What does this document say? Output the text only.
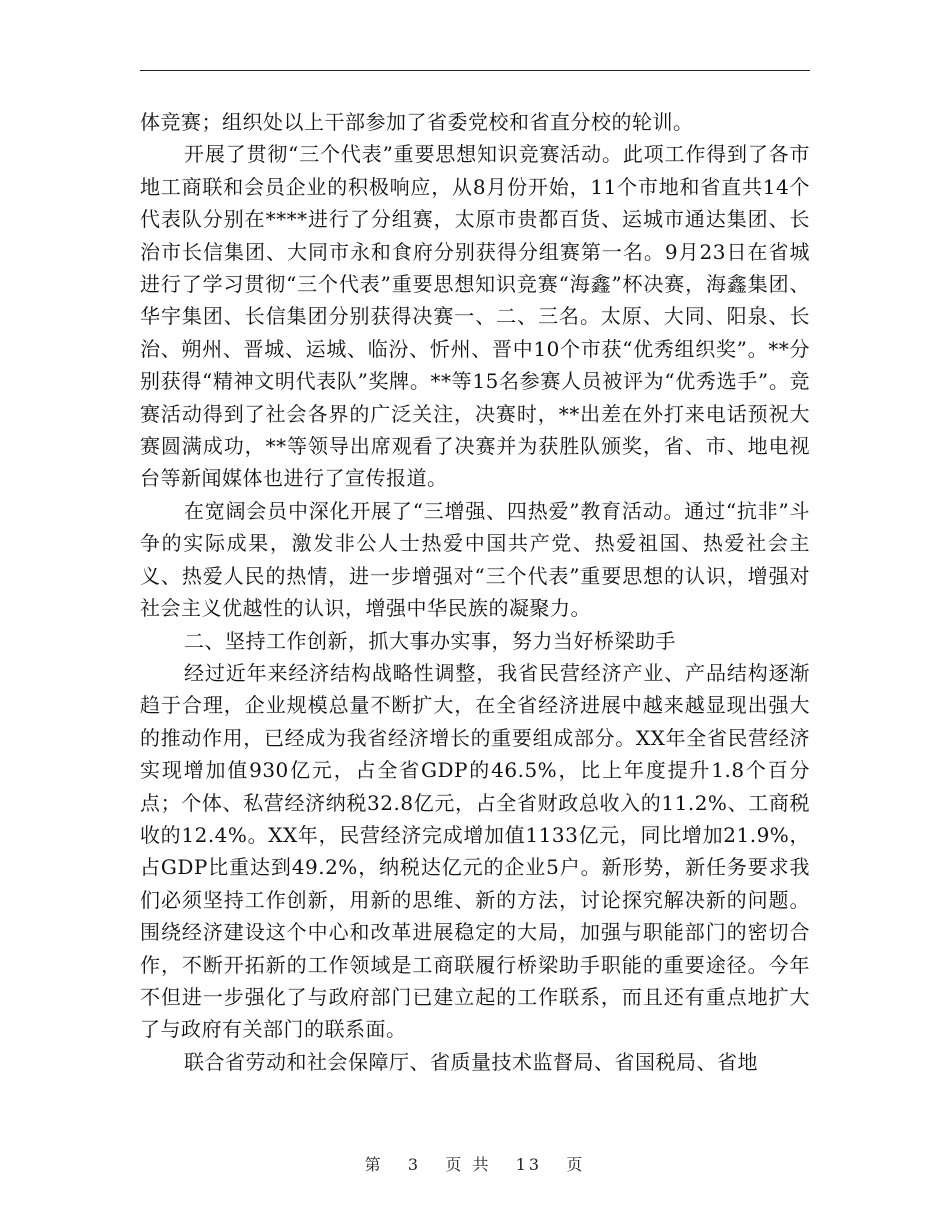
体竞赛；组织处以上干部参加了省委党校和省直分校的轮训。

开展了贯彻“三个代表”重要思想知识竞赛活动。此项工作得到了各市地工商联和会员企业的积极响应，从8月份开始，11个市地和省直共14个代表队分别在****进行了分组赛，太原市贵都百货、运城市通达集团、长治市长信集团、大同市永和食府分别获得分组赛第一名。9月23日在省城进行了学习贯彻“三个代表”重要思想知识竞赛“海鑫”杯决赛，海鑫集团、华宇集团、长信集团分别获得决赛一、二、三名。太原、大同、阳泉、长治、朔州、晋城、运城、临汾、忻州、晋中10个市获“优秀组织奖”。**分别获得“精神文明代表队”奖牌。**等15名参赛人员被评为“优秀选手”。竞赛活动得到了社会各界的广泛关注，决赛时，**出差在外打来电话预祝大赛圆满成功，**等领导出席观看了决赛并为获胜队颁奖，省、市、地电视台等新闻媒体也进行了宣传报道。

在宽阔会员中深化开展了“三增强、四热爱”教育活动。通过“抗非”斗争的实际成果，激发非公人士热爱中国共产党、热爱祖国、热爱社会主义、热爱人民的热情，进一步增强对“三个代表”重要思想的认识，增强对社会主义优越性的认识，增强中华民族的凝聚力。

二、坚持工作创新，抓大事办实事，努力当好桥梁助手

经过近年来经济结构战略性调整，我省民营经济产业、产品结构逐渐趋于合理，企业规模总量不断扩大，在全省经济进展中越来越显现出强大的推动作用，已经成为我省经济增长的重要组成部分。XX年全省民营经济实现增加值930亿元，占全省GDP的46.5%，比上年度提升1.8个百分点；个体、私营经济纳税32.8亿元，占全省财政总收入的11.2%、工商税收的12.4%。XX年，民营经济完成增加值1133亿元，同比增加21.9%，占GDP比重达到49.2%，纳税达亿元的企业5户。新形势，新任务要求我们必须坚持工作创新，用新的思维、新的方法，讨论探究解决新的问题。围绕经济建设这个中心和改革进展稳定的大局，加强与职能部门的密切合作，不断开拓新的工作领域是工商联履行桥梁助手职能的重要途径。今年不但进一步强化了与政府部门已建立起的工作联系，而且还有重点地扩大了与政府有关部门的联系面。

联合省劳动和社会保障厅、省质量技术监督局、省国税局、省地

第 3 页 共 13 页
